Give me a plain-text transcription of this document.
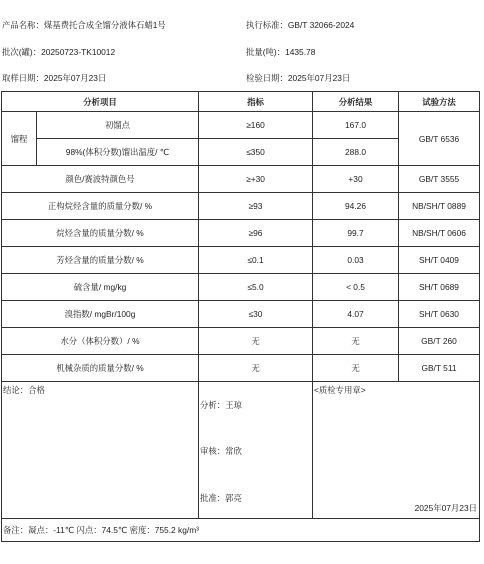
产品名称：煤基费托合成全馏分液体石蜡1号	执行标准：GB/T 32066-2024
批次(罐)：20250723-TK10012	批量(吨)：1435.78
取样日期：2025年07月23日	检验日期：2025年07月23日
分析项目		指标	分析结果	试验方法
馏程	初馏点	≥160	167.0	GB/T 6536
	98%(体积分数)馏出温度/ ℃	≤350	288.0	
颜色/赛波特颜色号		≥+30	+30	GB/T 3555
正构烷烃含量的质量分数/ %		≥93	94.26	NB/SH/T 0889
烷烃含量的质量分数/ %		≥96	99.7	NB/SH/T 0606
芳烃含量的质量分数/ %		≤0.1	0.03	SH/T 0409
硫含量/ mg/kg		≤5.0	< 0.5	SH/T 0689
溴指数/ mgBr/100g		≤30	4.07	SH/T 0630
水分（体积分数）/ %		无	无	GB/T 260
机械杂质的质量分数/ %		无	无	GB/T 511

结论：合格		分析：王琼
审核：常欣
批准：郭亮	<质检专用章>
2025年07月23日	

备注：凝点：-11℃ 闪点：74.5℃ 密度：755.2 kg/m³				
